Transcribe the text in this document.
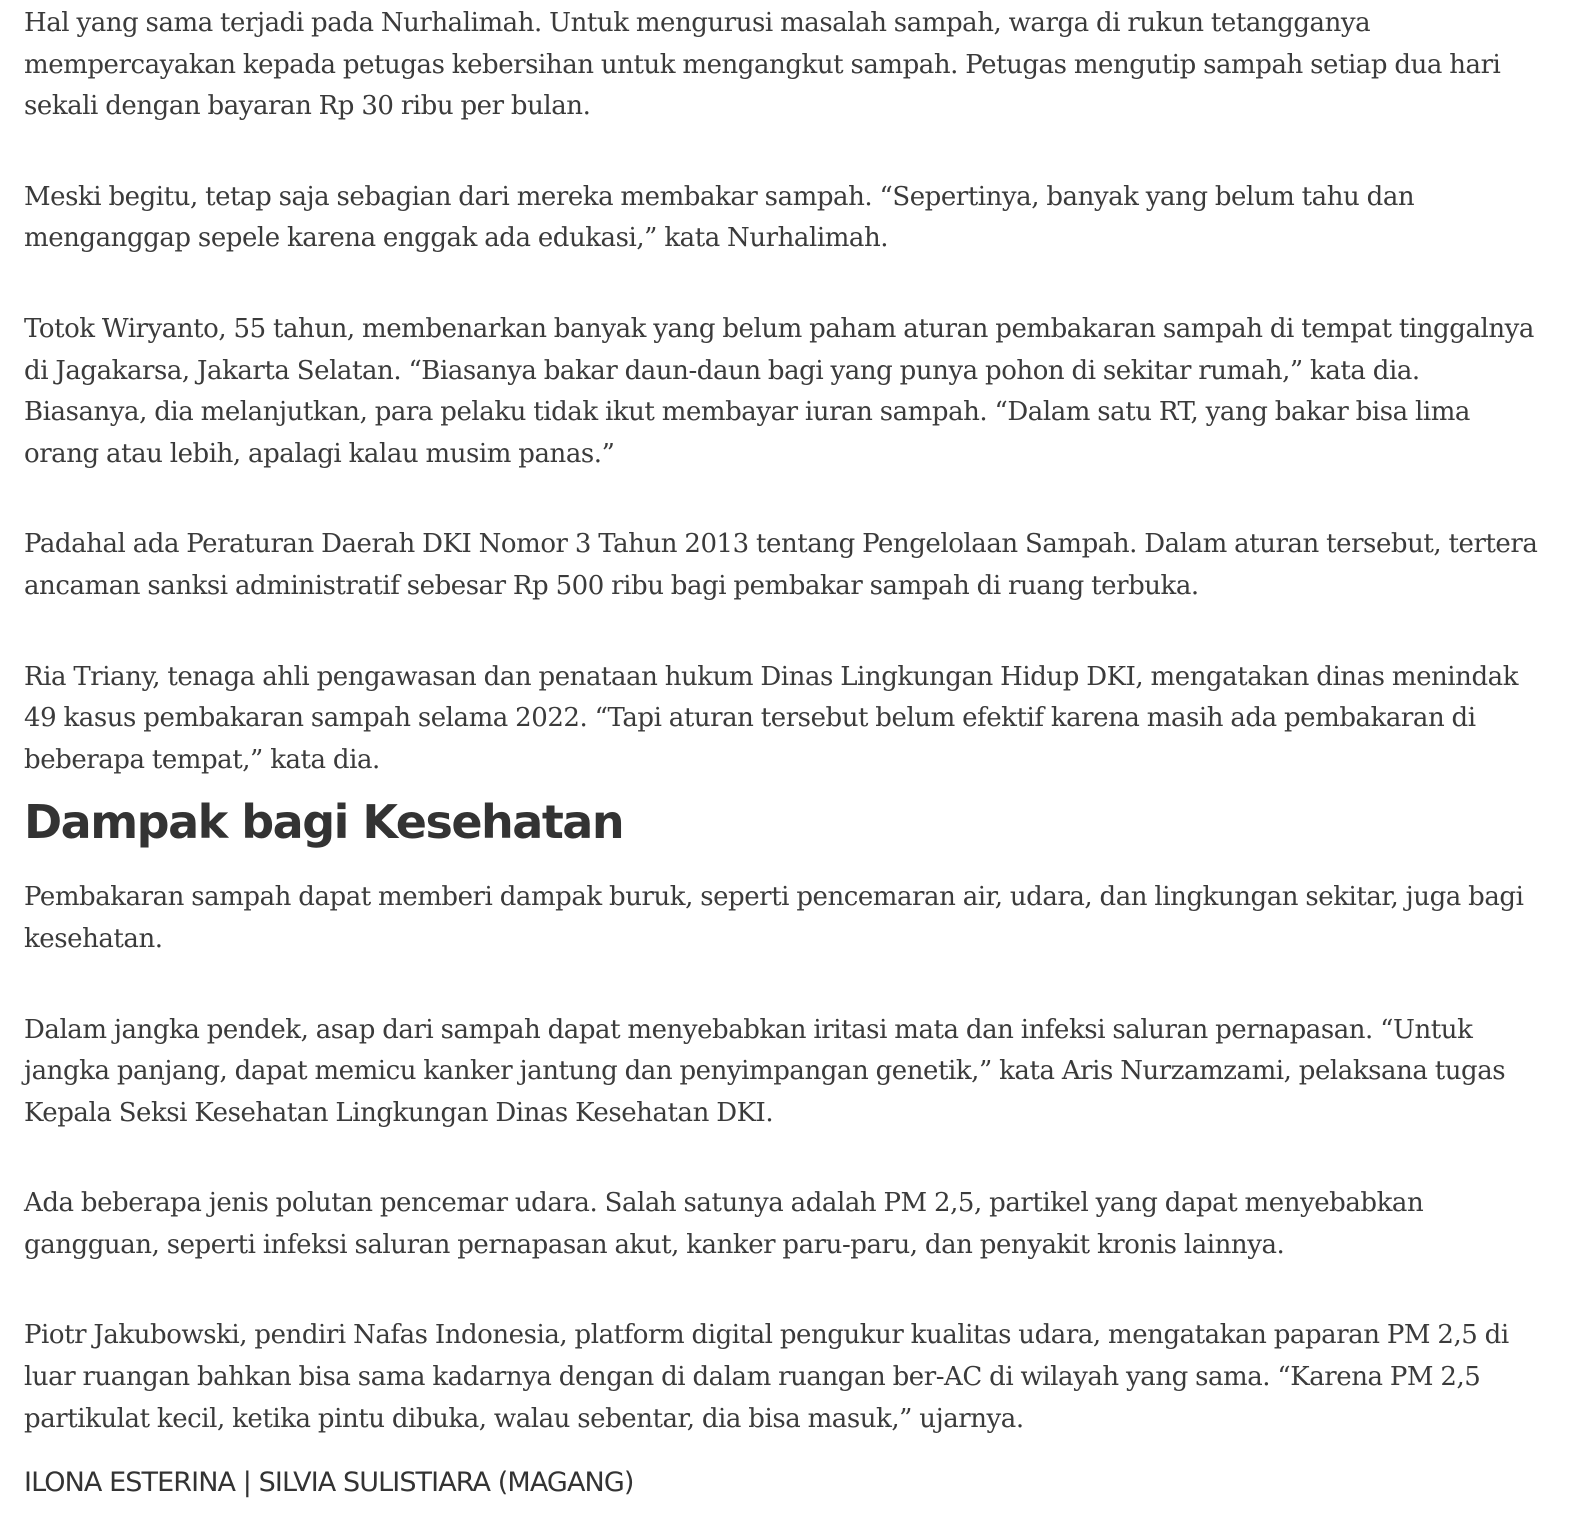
Hal yang sama terjadi pada Nurhalimah. Untuk mengurusi masalah sampah, warga di rukun tetangganya mempercayakan kepada petugas kebersihan untuk mengangkut sampah. Petugas mengutip sampah setiap dua hari sekali dengan bayaran Rp 30 ribu per bulan.

Meski begitu, tetap saja sebagian dari mereka membakar sampah. “Sepertinya, banyak yang belum tahu dan menganggap sepele karena enggak ada edukasi,” kata Nurhalimah.

Totok Wiryanto, 55 tahun, membenarkan banyak yang belum paham aturan pembakaran sampah di tempat tinggalnya di Jagakarsa, Jakarta Selatan. “Biasanya bakar daun-daun bagi yang punya pohon di sekitar rumah,” kata dia. Biasanya, dia melanjutkan, para pelaku tidak ikut membayar iuran sampah. “Dalam satu RT, yang bakar bisa lima orang atau lebih, apalagi kalau musim panas.”

Padahal ada Peraturan Daerah DKI Nomor 3 Tahun 2013 tentang Pengelolaan Sampah. Dalam aturan tersebut, tertera ancaman sanksi administratif sebesar Rp 500 ribu bagi pembakar sampah di ruang terbuka.

Ria Triany, tenaga ahli pengawasan dan penataan hukum Dinas Lingkungan Hidup DKI, mengatakan dinas menindak 49 kasus pembakaran sampah selama 2022. “Tapi aturan tersebut belum efektif karena masih ada pembakaran di beberapa tempat,” kata dia.

Dampak bagi Kesehatan

Pembakaran sampah dapat memberi dampak buruk, seperti pencemaran air, udara, dan lingkungan sekitar, juga bagi kesehatan.

Dalam jangka pendek, asap dari sampah dapat menyebabkan iritasi mata dan infeksi saluran pernapasan. “Untuk jangka panjang, dapat memicu kanker jantung dan penyimpangan genetik,” kata Aris Nurzamzami, pelaksana tugas Kepala Seksi Kesehatan Lingkungan Dinas Kesehatan DKI.

Ada beberapa jenis polutan pencemar udara. Salah satunya adalah PM 2,5, partikel yang dapat menyebabkan gangguan, seperti infeksi saluran pernapasan akut, kanker paru-paru, dan penyakit kronis lainnya.

Piotr Jakubowski, pendiri Nafas Indonesia, platform digital pengukur kualitas udara, mengatakan paparan PM 2,5 di luar ruangan bahkan bisa sama kadarnya dengan di dalam ruangan ber-AC di wilayah yang sama. “Karena PM 2,5 partikulat kecil, ketika pintu dibuka, walau sebentar, dia bisa masuk,” ujarnya.

ILONA ESTERINA | SILVIA SULISTIARA (MAGANG)
